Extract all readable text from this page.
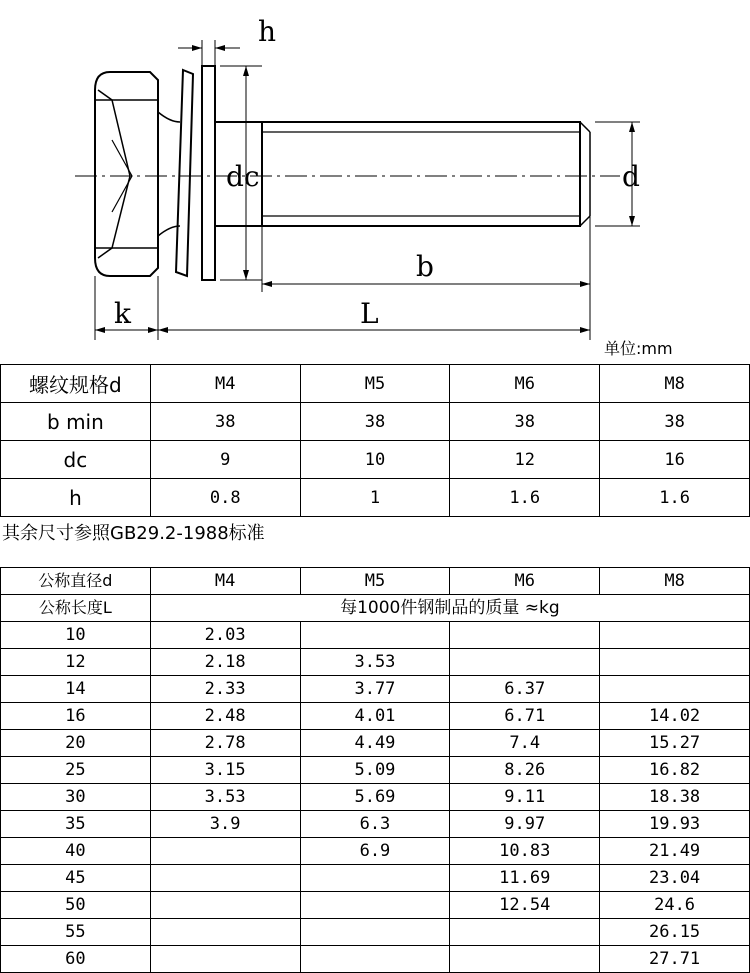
h
dc	d
b
k	L
单位:mm
螺纹规格d	M4	M5	M6	M8
b min	38	38	38	38
dc	9	10	12	16
h	0.8	1	1.6	1.6
其余尺寸参照GB29.2-1988标准
公称直径d	M4	M5	M6	M8
公称长度L	每1000件钢制品的质量 ≈kg			
10	2.03			
12	2.18	3.53		
14	2.33	3.77	6.37	
16	2.48	4.01	6.71	14.02
20	2.78	4.49	7.4	15.27
25	3.15	5.09	8.26	16.82
30	3.53	5.69	9.11	18.38
35	3.9	6.3	9.97	19.93
40		6.9	10.83	21.49
45			11.69	23.04
50			12.54	24.6
55				26.15
60				27.71
